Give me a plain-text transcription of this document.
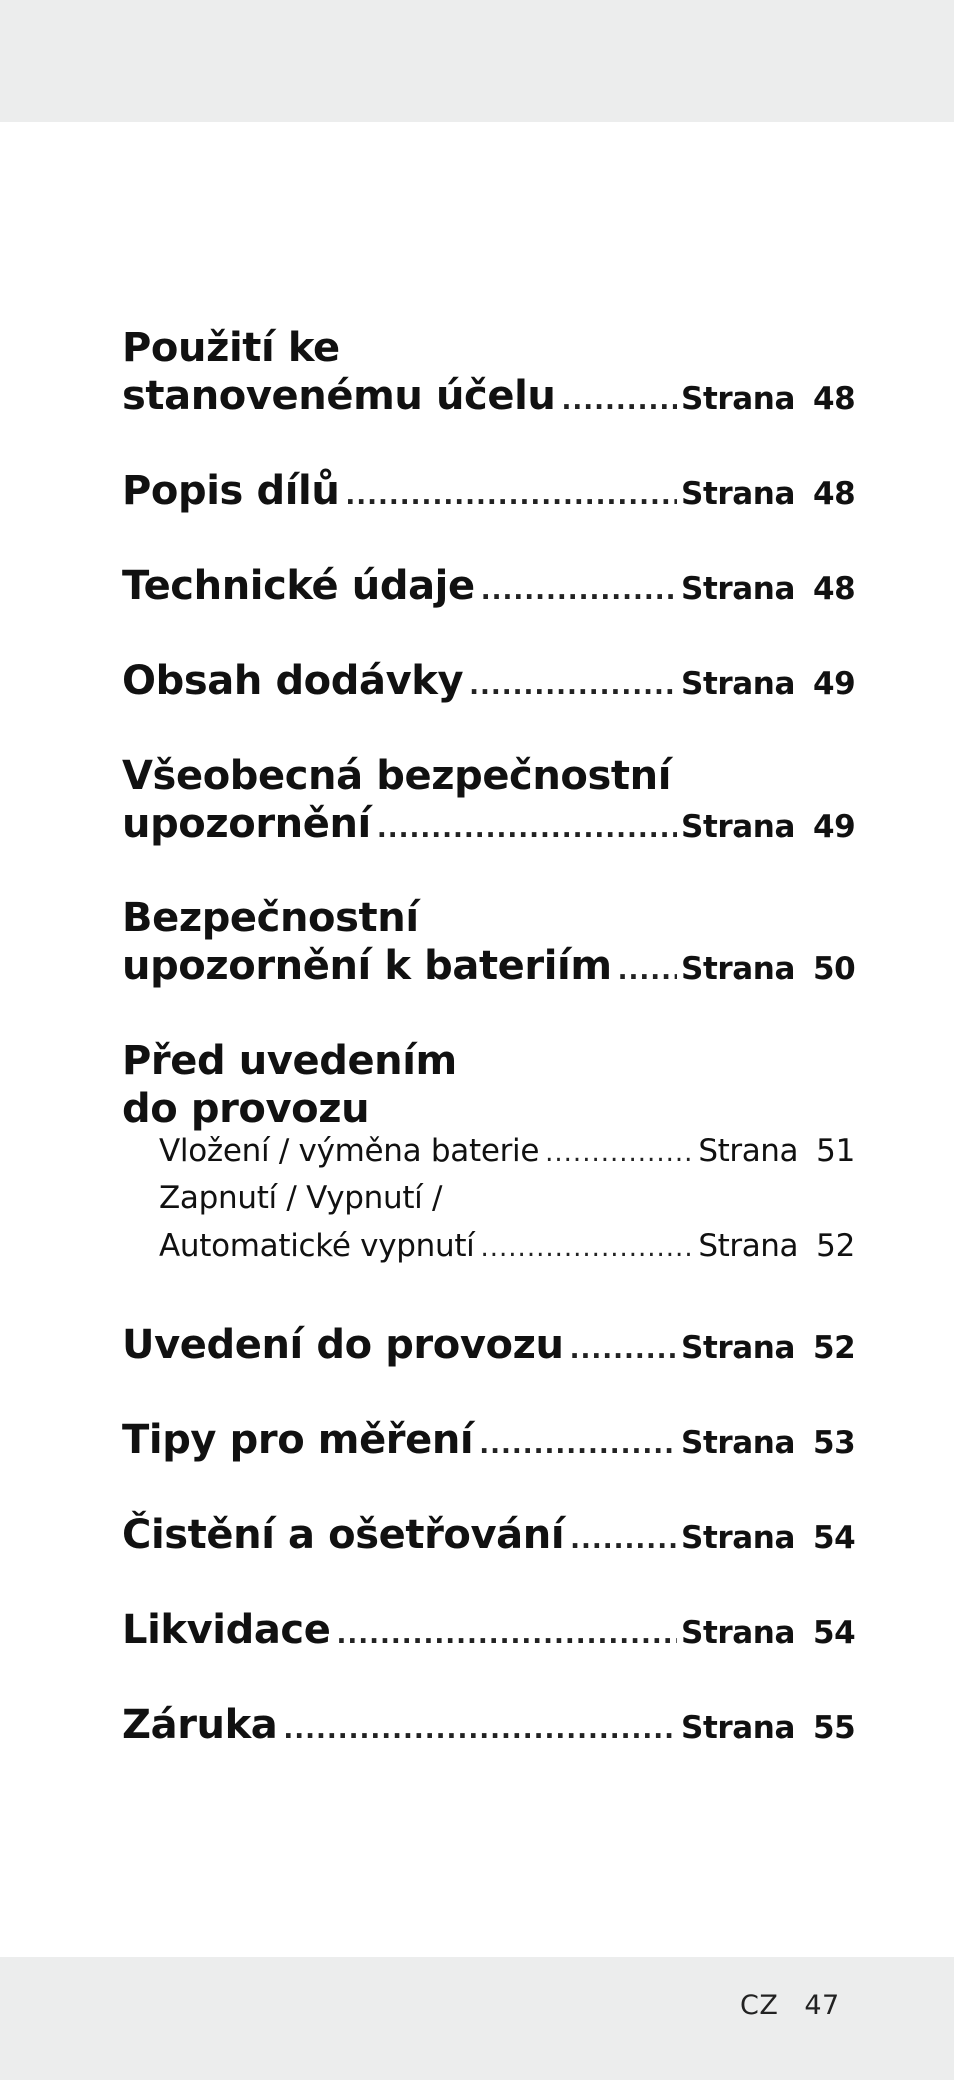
Použití ke
stanovenému účelu .....	Strana 48
Popis dílů .....	Strana 48
Technické údaje .....	Strana 48
Obsah dodávky .....	Strana 49
Všeobecná bezpečnostní
upozornění .....	Strana 49
Bezpečnostní
upozornění k bateriím ..... Strana 50
Před uvedením
do provozu
Vložení / výměna baterie .....	Strana 51
Zapnutí / Vypnutí /
Automatické vypnutí .....	Strana 52
Uvedení do provozu .....	Strana 52
Tipy pro měření .....	Strana 53
Čistění a ošetřování .....	Strana 54
Likvidace .....	Strana 54
Záruka .....	Strana 55
CZ 47
